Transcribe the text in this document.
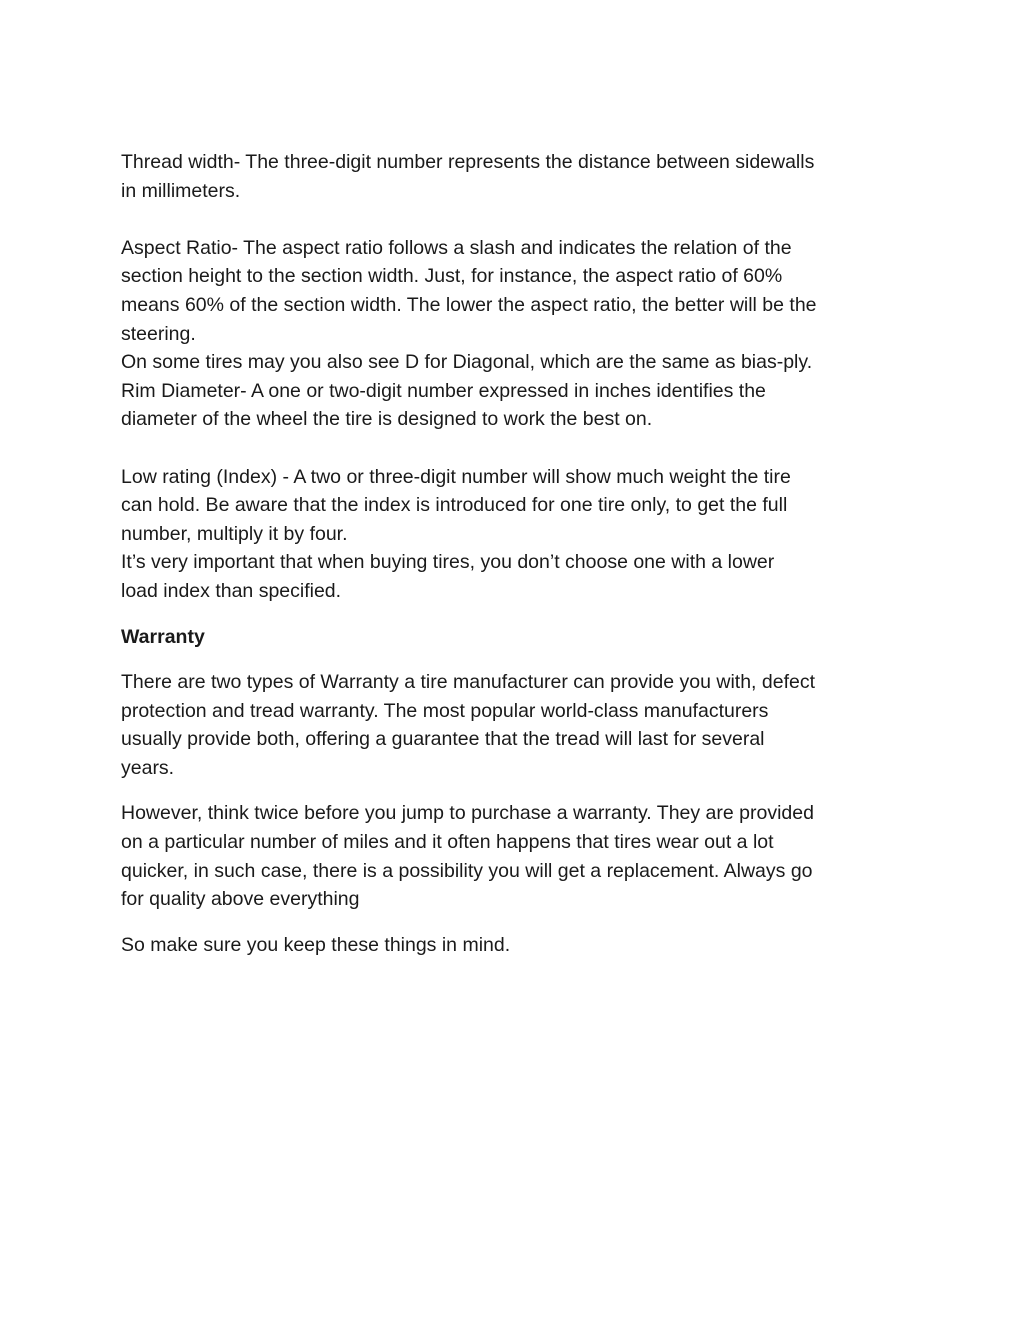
Thread width- The three-digit number represents the distance between sidewalls
in millimeters.
Aspect Ratio- The aspect ratio follows a slash and indicates the relation of the
section height to the section width. Just, for instance, the aspect ratio of 60%
means 60% of the section width. The lower the aspect ratio, the better will be the
steering.
On some tires may you also see D for Diagonal, which are the same as bias-ply.
Rim Diameter- A one or two-digit number expressed in inches identifies the
diameter of the wheel the tire is designed to work the best on.
Low rating (Index) - A two or three-digit number will show much weight the tire
can hold. Be aware that the index is introduced for one tire only, to get the full
number, multiply it by four.
It’s very important that when buying tires, you don’t choose one with a lower
load index than specified.
Warranty
There are two types of Warranty a tire manufacturer can provide you with, defect
protection and tread warranty. The most popular world-class manufacturers
usually provide both, offering a guarantee that the tread will last for several
years.
However, think twice before you jump to purchase a warranty. They are provided
on a particular number of miles and it often happens that tires wear out a lot
quicker, in such case, there is a possibility you will get a replacement. Always go
for quality above everything
So make sure you keep these things in mind.
